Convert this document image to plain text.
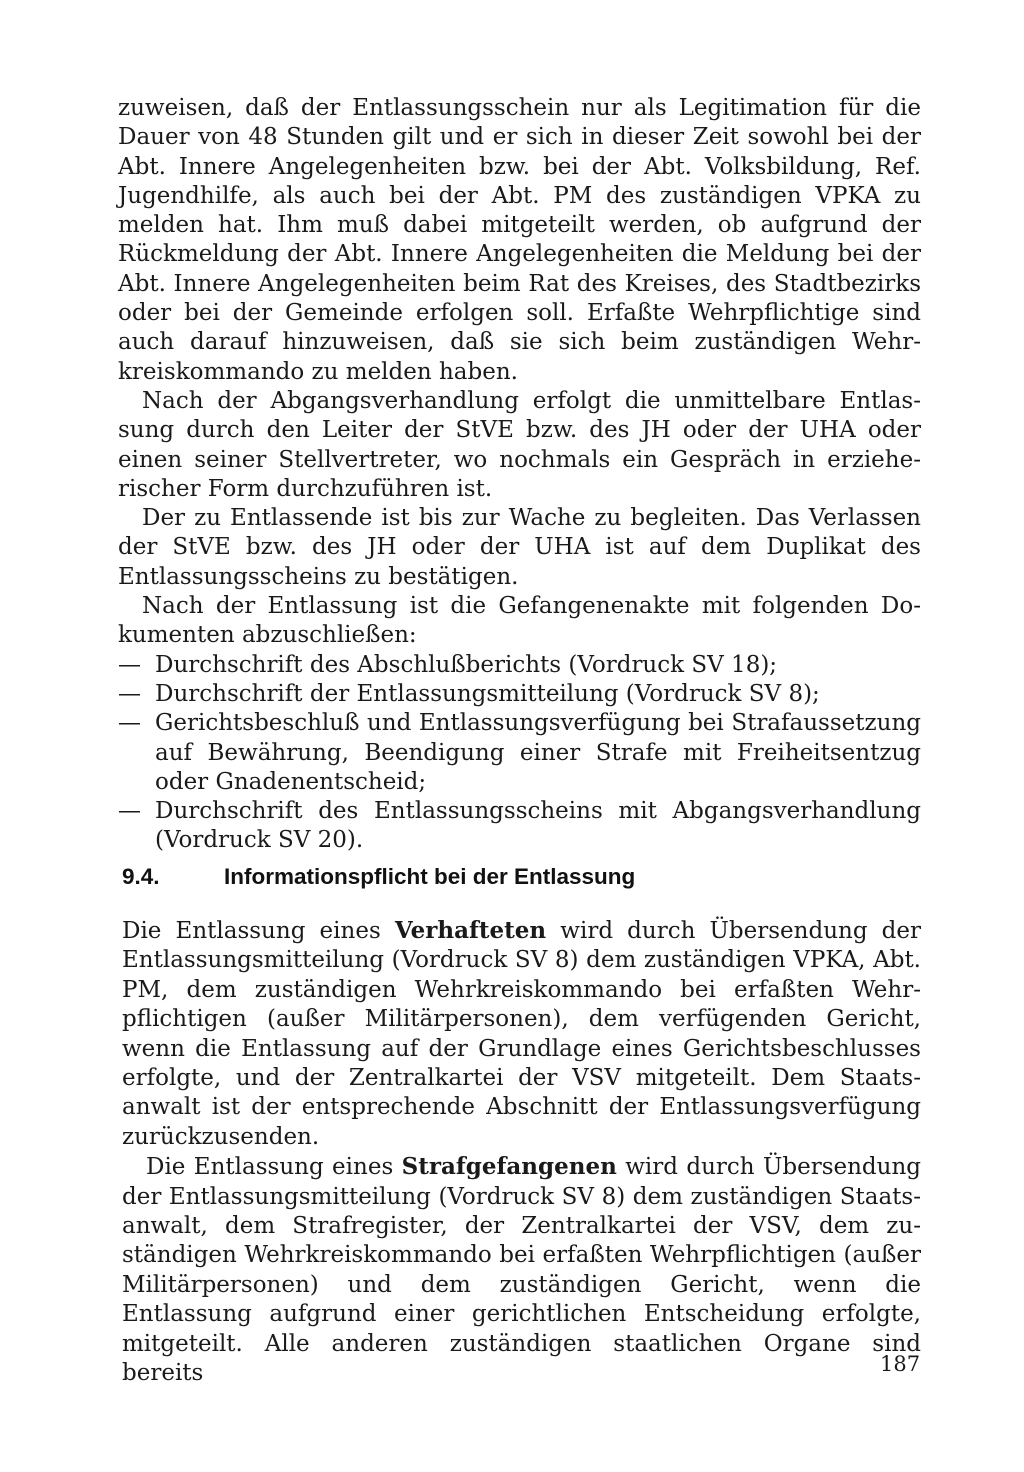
zuweisen, daß der Entlassungsschein nur als Legitimation für die Dauer von 48 Stunden gilt und er sich in dieser Zeit sowohl bei der Abt. Innere Angelegenheiten bzw. bei der Abt. Volksbildung, Ref. Jugendhilfe, als auch bei der Abt. PM des zuständigen VPKA zu melden hat. Ihm muß dabei mitgeteilt werden, ob aufgrund der Rückmeldung der Abt. Innere Angelegenheiten die Meldung bei der Abt. Innere Angelegenheiten beim Rat des Kreises, des Stadtbezirks oder bei der Gemeinde erfolgen soll. Erfaßte Wehrpflichtige sind auch darauf hinzuweisen, daß sie sich beim zuständigen Wehrkreiskommando zu melden haben.

Nach der Abgangsverhandlung erfolgt die unmittelbare Entlassung durch den Leiter der StVE bzw. des JH oder der UHA oder einen seiner Stellvertreter, wo nochmals ein Gespräch in erzieherischer Form durchzuführen ist.

Der zu Entlassende ist bis zur Wache zu begleiten. Das Verlassen der StVE bzw. des JH oder der UHA ist auf dem Duplikat des Entlassungsscheins zu bestätigen.

Nach der Entlassung ist die Gefangenenakte mit folgenden Dokumenten abzuschließen:

— Durchschrift des Abschlußberichts (Vordruck SV 18);
— Durchschrift der Entlassungsmitteilung (Vordruck SV 8);
— Gerichtsbeschluß und Entlassungsverfügung bei Strafaussetzung auf Bewährung, Beendigung einer Strafe mit Freiheitsentzug oder Gnadenentscheid;
— Durchschrift des Entlassungsscheins mit Abgangsverhandlung (Vordruck SV 20).
9.4.	Informationspflicht bei der Entlassung

Die Entlassung eines Verhafteten wird durch Übersendung der Entlassungsmitteilung (Vordruck SV 8) dem zuständigen VPKA, Abt. PM, dem zuständigen Wehrkreiskommando bei erfaßten Wehrpflichtigen (außer Militärpersonen), dem verfügenden Gericht, wenn die Entlassung auf der Grundlage eines Gerichtsbeschlusses erfolgte, und der Zentralkartei der VSV mitgeteilt. Dem Staatsanwalt ist der entsprechende Abschnitt der Entlassungsverfügung zurückzusenden.

Die Entlassung eines Strafgefangenen wird durch Übersendung der Entlassungsmitteilung (Vordruck SV 8) dem zuständigen Staatsanwalt, dem Strafregister, der Zentralkartei der VSV, dem zuständigen Wehrkreiskommando bei erfaßten Wehrpflichtigen (außer Militärpersonen) und dem zuständigen Gericht, wenn die Entlassung aufgrund einer gerichtlichen Entscheidung erfolgte, mitgeteilt. Alle anderen zuständigen staatlichen Organe sind bereits	187
